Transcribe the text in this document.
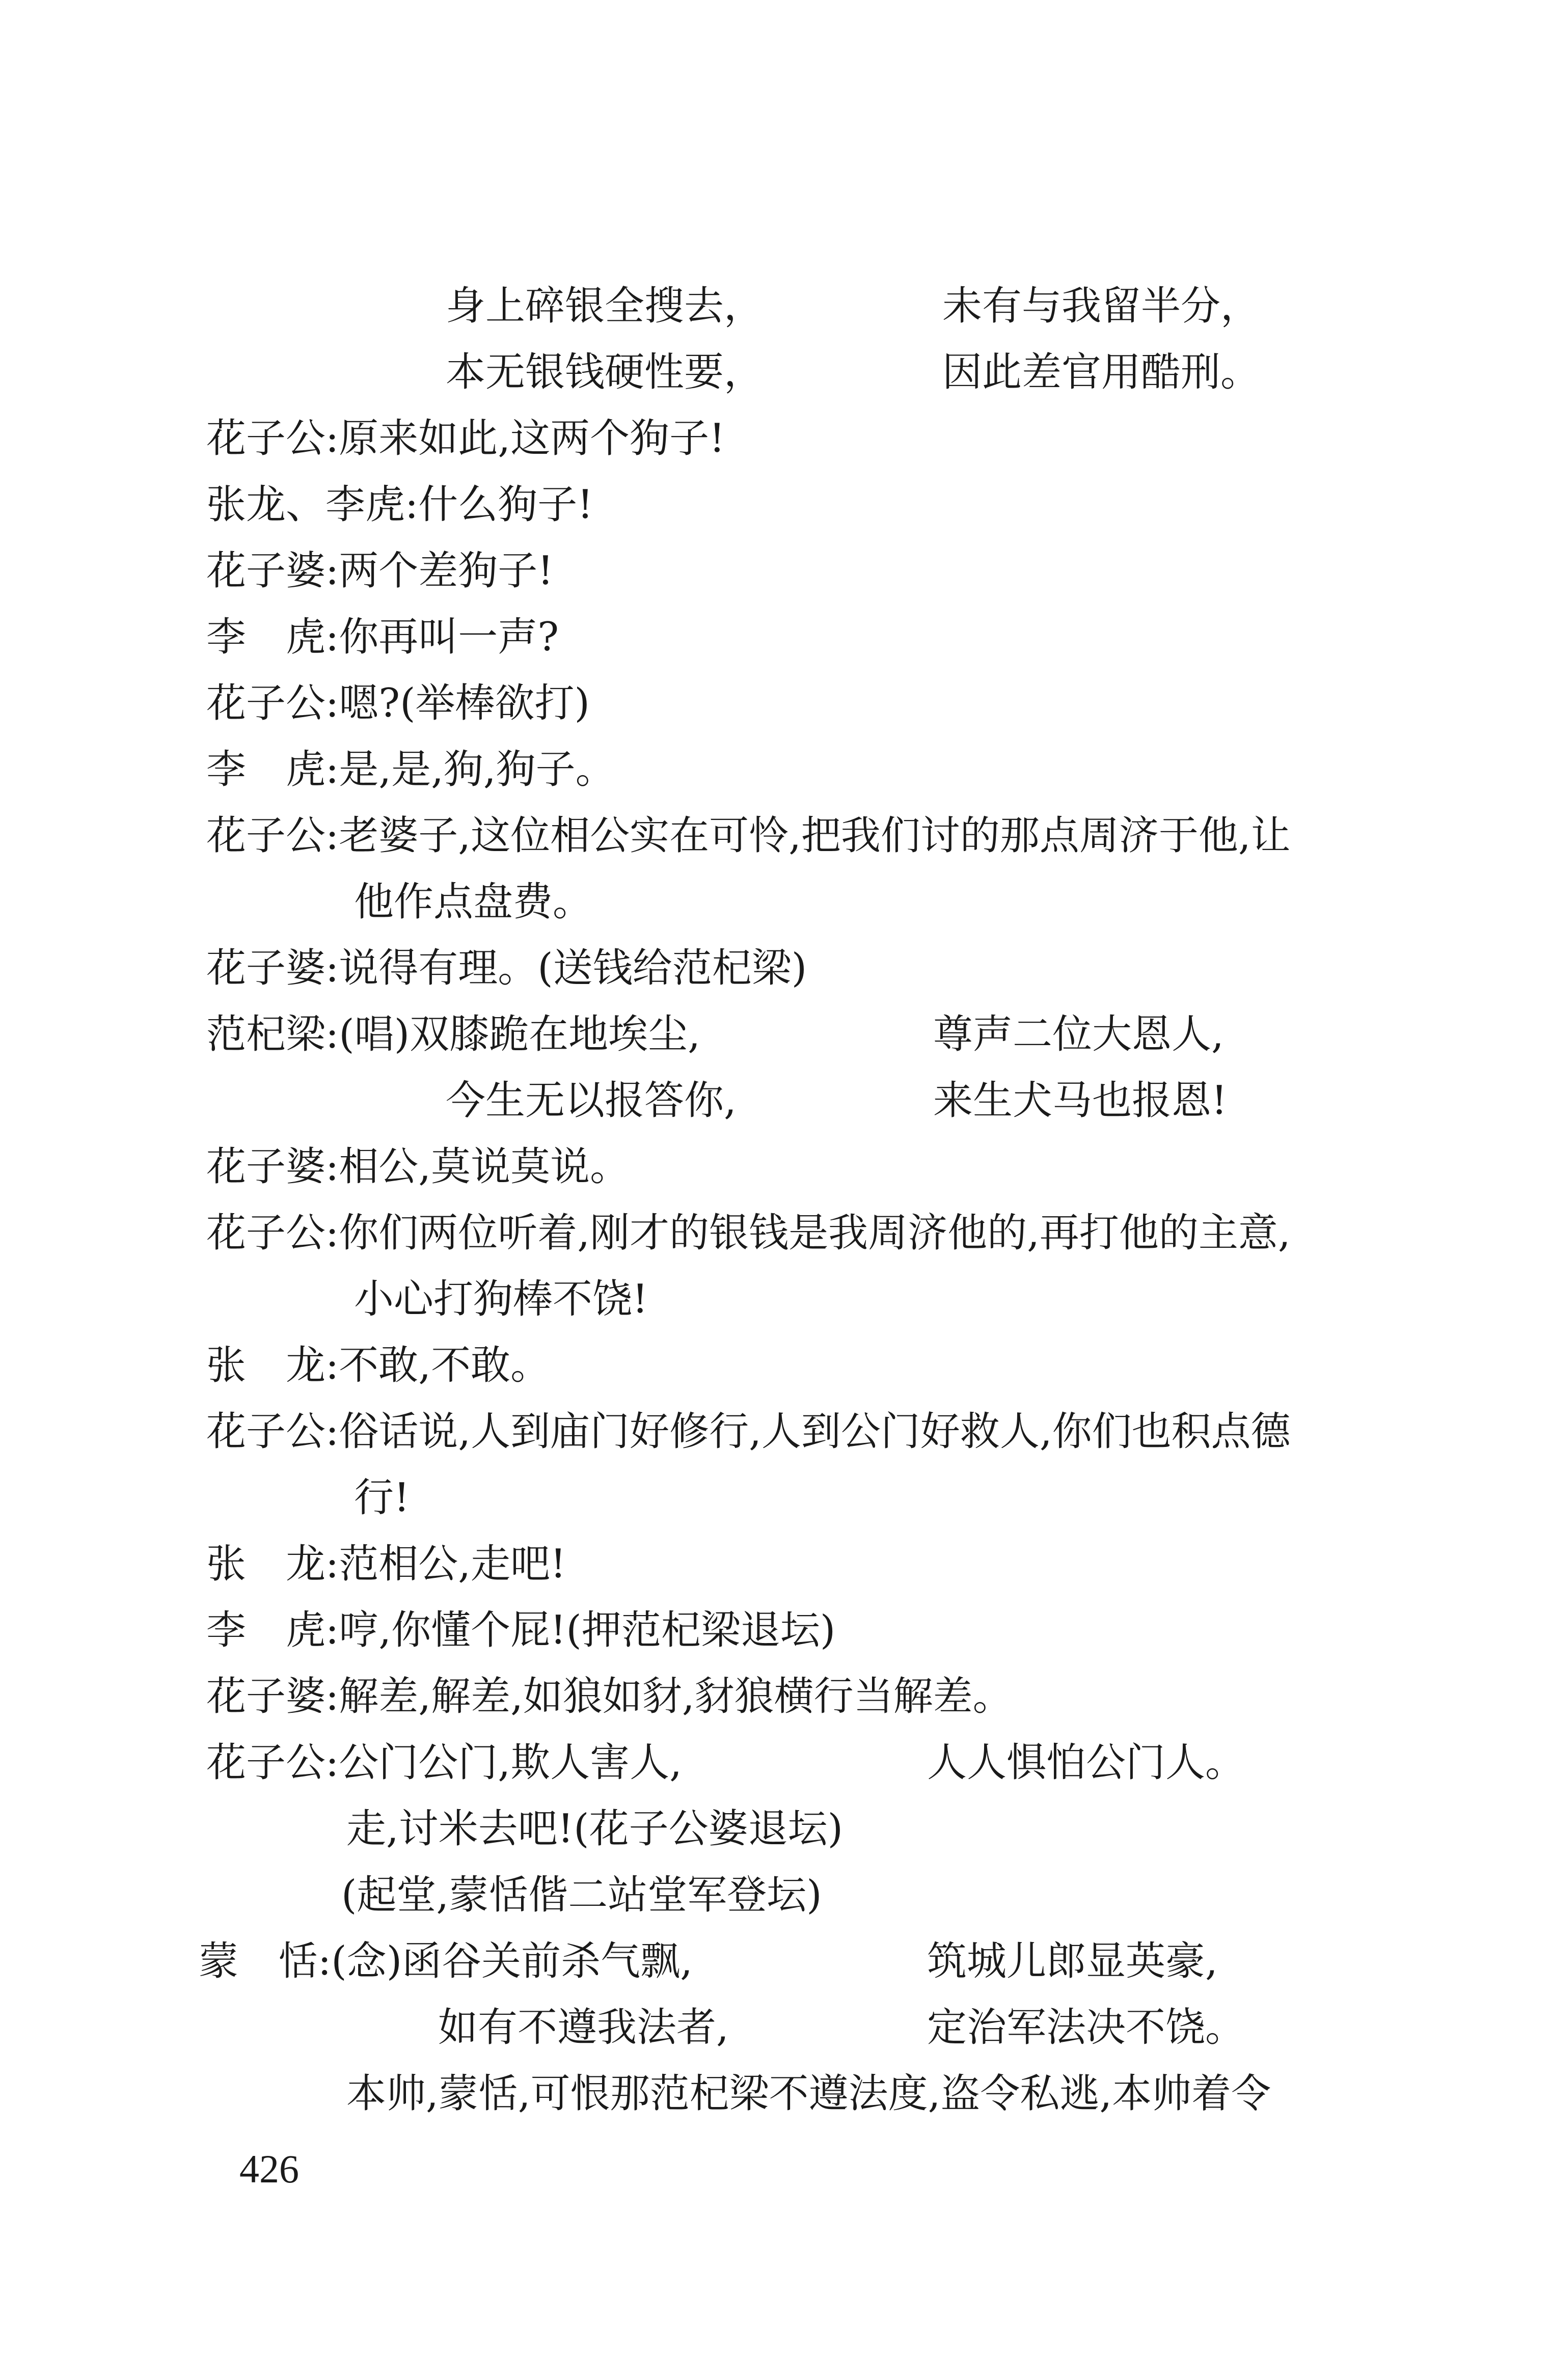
身上碎银全搜去，	未有与我留半分，
本无银钱硬性要，	因此差官用酷刑。
花子公:原来如此,这两个狗子!
张龙、李虎:什么狗子!
花子婆:两个差狗子!
李　虎:你再叫一声?
花子公:嗯?(举棒欲打)
李　虎:是,是,狗,狗子。
花子公:老婆子,这位相公实在可怜,把我们讨的那点周济于他,让
他作点盘费。
花子婆:说得有理。(送钱给范杞梁)
范杞梁:(唱)双膝跪在地埃尘,	尊声二位大恩人,
今生无以报答你,	来生犬马也报恩!
花子婆:相公,莫说莫说。
花子公:你们两位听着,刚才的银钱是我周济他的,再打他的主意,
小心打狗棒不饶!
张　龙:不敢,不敢。
花子公:俗话说,人到庙门好修行,人到公门好救人,你们也积点德
行!
张　龙:范相公,走吧!
李　虎:哼,你懂个屁!(押范杞梁退坛)
花子婆:解差,解差,如狼如豺,豺狼横行当解差。
花子公:公门公门,欺人害人,	人人惧怕公门人。
走,讨米去吧!(花子公婆退坛)
(起堂,蒙恬偕二站堂军登坛)
蒙　恬:(念)函谷关前杀气飘,	筑城儿郎显英豪,
如有不遵我法者,	定治军法决不饶。
本帅,蒙恬,可恨那范杞梁不遵法度,盗令私逃,本帅着令
426
